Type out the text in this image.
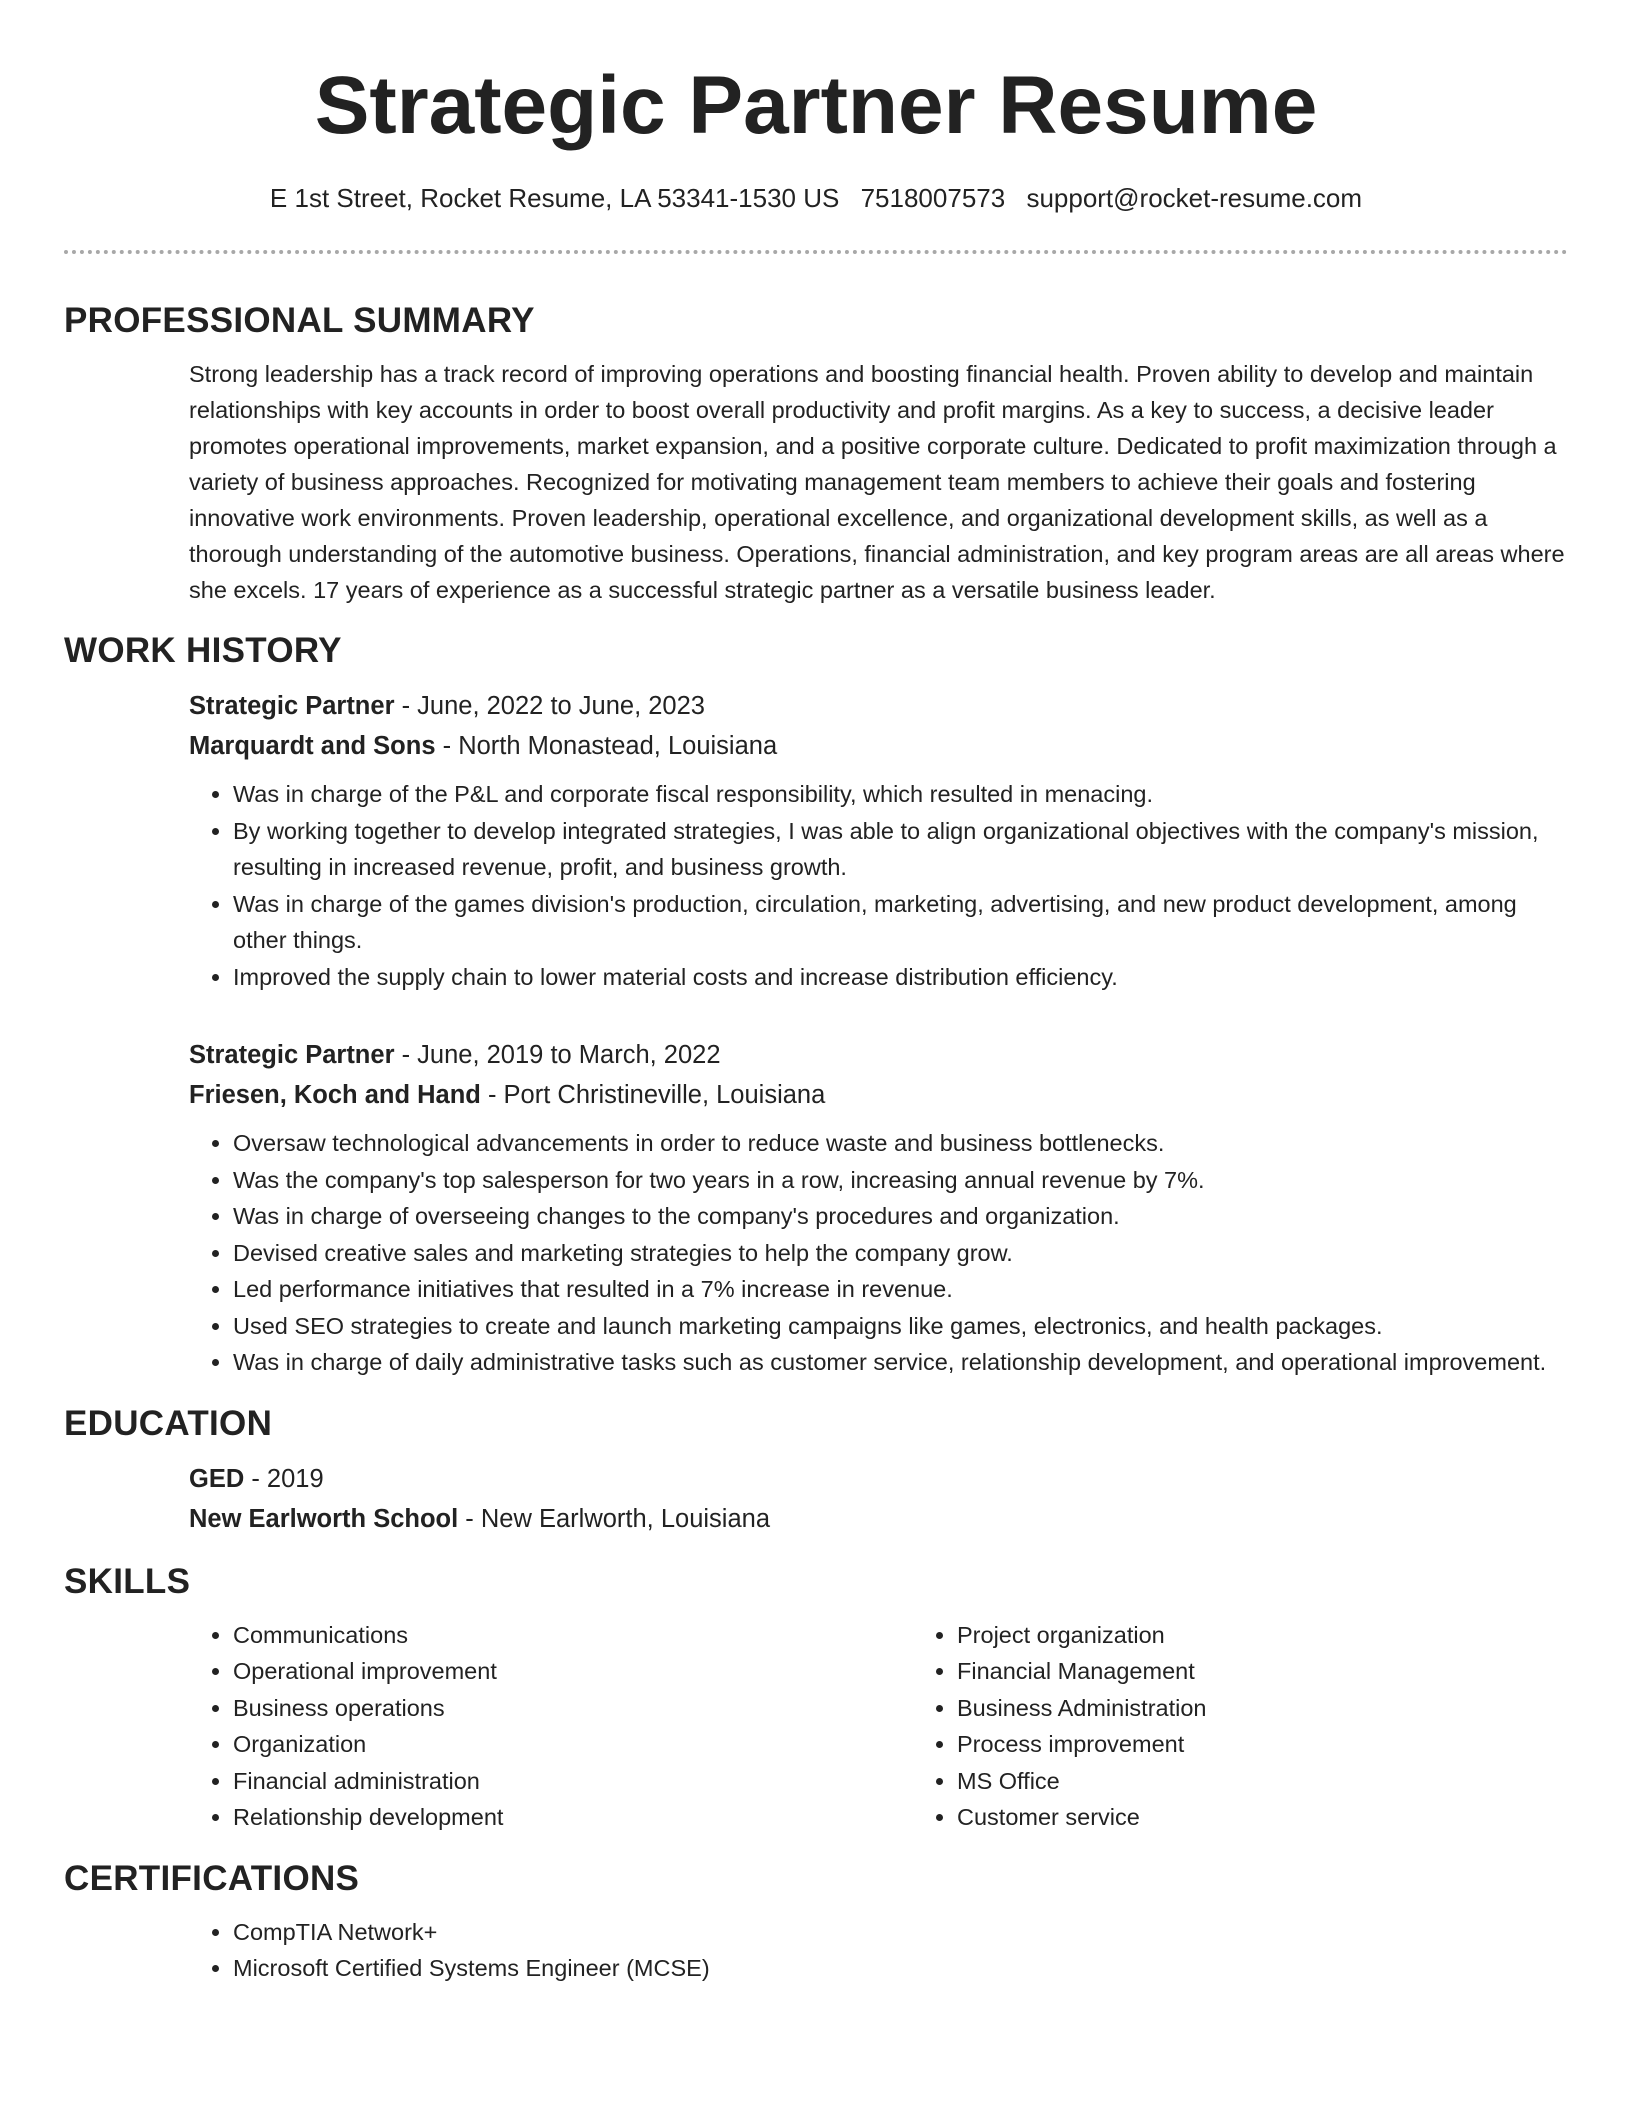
Strategic Partner Resume
E 1st Street, Rocket Resume, LA 53341-1530 US 7518007573 support@rocket-resume.com
PROFESSIONAL SUMMARY

Strong leadership has a track record of improving operations and boosting financial health. Proven ability to develop and maintain relationships with key accounts in order to boost overall productivity and profit margins. As a key to success, a decisive leader promotes operational improvements, market expansion, and a positive corporate culture. Dedicated to profit maximization through a variety of business approaches. Recognized for motivating management team members to achieve their goals and fostering innovative work environments. Proven leadership, operational excellence, and organizational development skills, as well as a thorough understanding of the automotive business. Operations, financial administration, and key program areas are all areas where she excels. 17 years of experience as a successful strategic partner as a versatile business leader.

WORK HISTORY

Strategic Partner - June, 2022 to June, 2023

Marquardt and Sons - North Monastead, Louisiana

• Was in charge of the P&L and corporate fiscal responsibility, which resulted in menacing.
• By working together to develop integrated strategies, I was able to align organizational objectives with the company's mission, resulting in increased revenue, profit, and business growth.
• Was in charge of the games division's production, circulation, marketing, advertising, and new product development, among other things.
• Improved the supply chain to lower material costs and increase distribution efficiency.

Strategic Partner - June, 2019 to March, 2022

Friesen, Koch and Hand - Port Christineville, Louisiana

• Oversaw technological advancements in order to reduce waste and business bottlenecks.
• Was the company's top salesperson for two years in a row, increasing annual revenue by 7%.
• Was in charge of overseeing changes to the company's procedures and organization.
• Devised creative sales and marketing strategies to help the company grow.
• Led performance initiatives that resulted in a 7% increase in revenue.
• Used SEO strategies to create and launch marketing campaigns like games, electronics, and health packages.
• Was in charge of daily administrative tasks such as customer service, relationship development, and operational improvement.
EDUCATION

GED - 2019

New Earlworth School - New Earlworth, Louisiana

SKILLS
• Communications
• Operational improvement
• Business operations
• Organization
• Financial administration
• Relationship development
• Project organization
• Financial Management
• Business Administration
• Process improvement
• MS Office
• Customer service
CERTIFICATIONS
• CompTIA Network+
• Microsoft Certified Systems Engineer (MCSE)
